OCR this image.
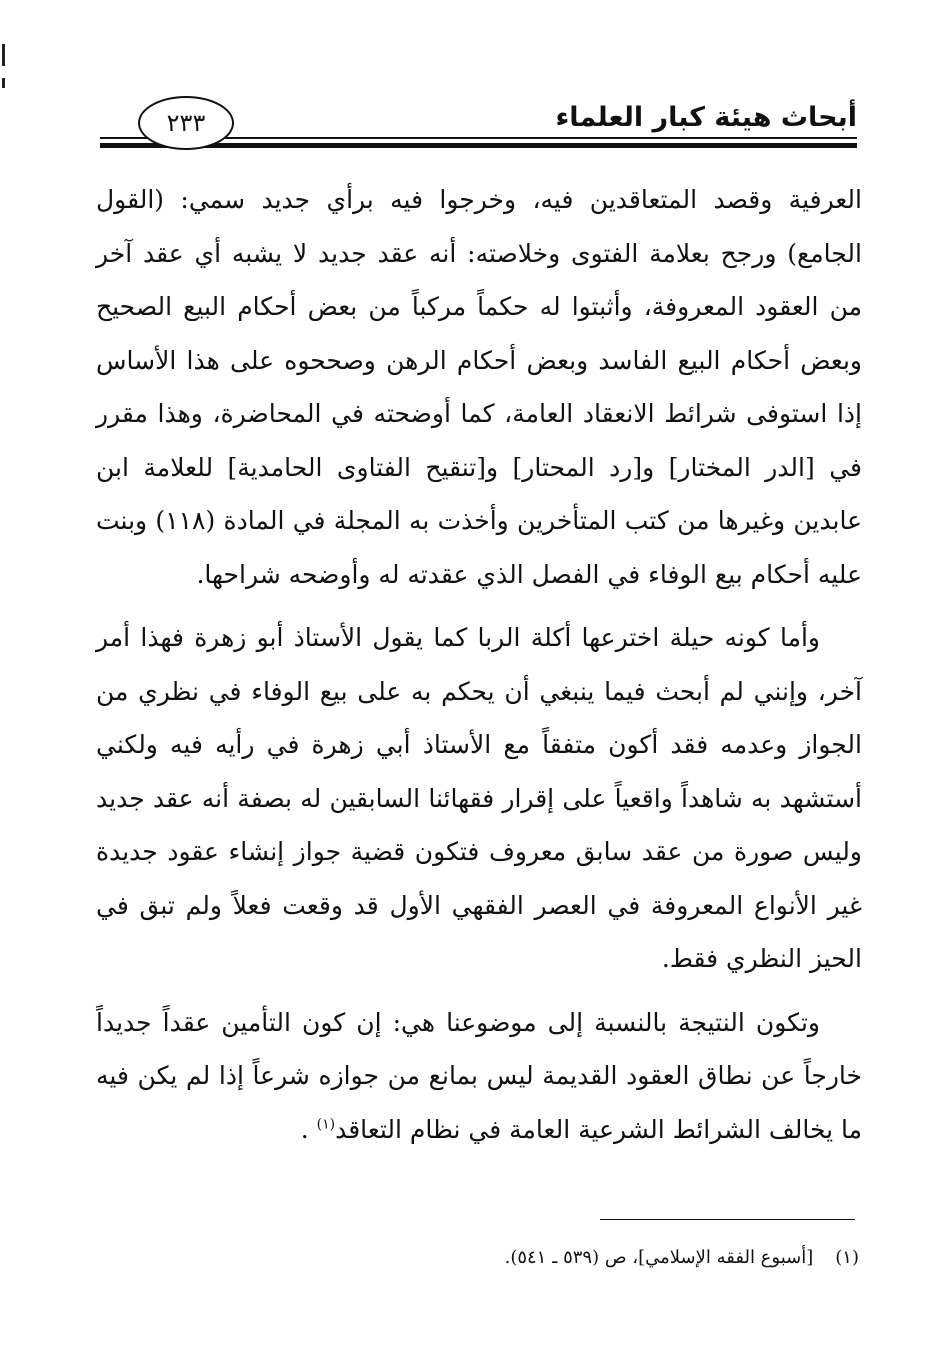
أبحاث هيئة كبار العلماء
٢٣٣

العرفية وقصد المتعاقدين فيه، وخرجوا فيه برأي جديد سمي: (القول الجامع) ورجح بعلامة الفتوى وخلاصته: أنه عقد جديد لا يشبه أي عقد آخر من العقود المعروفة، وأثبتوا له حكماً مركباً من بعض أحكام البيع الصحيح وبعض أحكام البيع الفاسد وبعض أحكام الرهن وصححوه على هذا الأساس إذا استوفى شرائط الانعقاد العامة، كما أوضحته في المحاضرة، وهذا مقرر في [الدر المختار] و[رد المحتار] و[تنقيح الفتاوى الحامدية] للعلامة ابن عابدين وغيرها من كتب المتأخرين وأخذت به المجلة في المادة (١١٨) وبنت عليه أحكام بيع الوفاء في الفصل الذي عقدته له وأوضحه شراحها.

وأما كونه حيلة اخترعها أكلة الربا كما يقول الأستاذ أبو زهرة فهذا أمر آخر، وإنني لم أبحث فيما ينبغي أن يحكم به على بيع الوفاء في نظري من الجواز وعدمه فقد أكون متفقاً مع الأستاذ أبي زهرة في رأيه فيه ولكني أستشهد به شاهداً واقعياً على إقرار فقهائنا السابقين له بصفة أنه عقد جديد وليس صورة من عقد سابق معروف فتكون قضية جواز إنشاء عقود جديدة غير الأنواع المعروفة في العصر الفقهي الأول قد وقعت فعلاً ولم تبق في الحيز النظري فقط.

وتكون النتيجة بالنسبة إلى موضوعنا هي: إن كون التأمين عقداً جديداً خارجاً عن نطاق العقود القديمة ليس بمانع من جوازه شرعاً إذا لم يكن فيه ما يخالف الشرائط الشرعية العامة في نظام التعاقد$^{(١)}$ .

(١)[أسبوع الفقه الإسلامي]، ص (٥٣٩ ـ ٥٤١).
